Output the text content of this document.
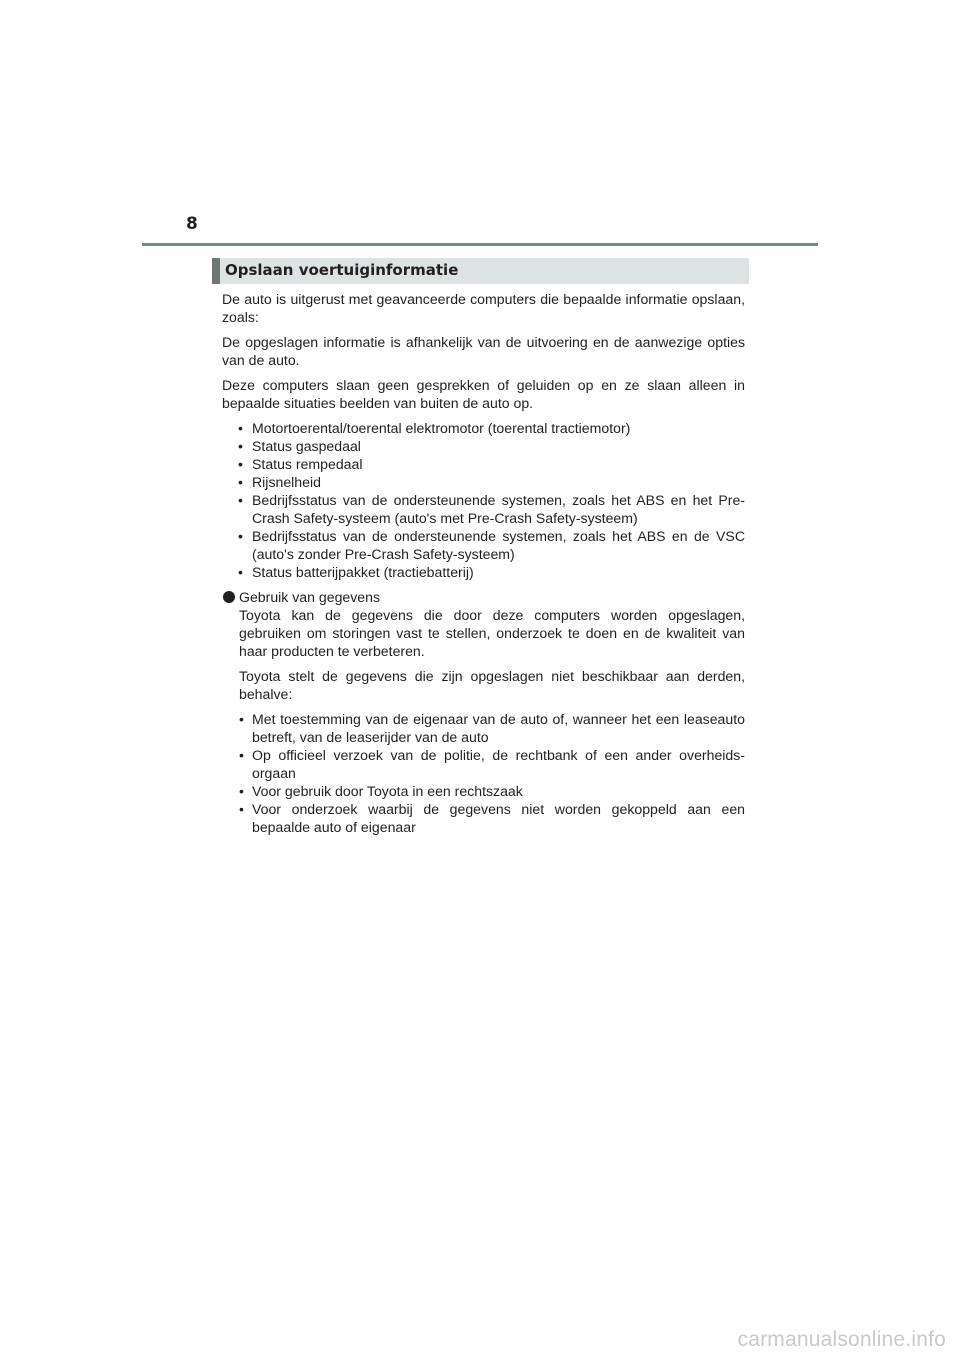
8
Opslaan voertuiginformatie

De auto is uitgerust met geavanceerde computers die bepaalde informatie opslaan, zoals:

De opgeslagen informatie is afhankelijk van de uitvoering en de aanwezige opties van de auto.

Deze computers slaan geen gesprekken of geluiden op en ze slaan alleen in bepaalde situaties beelden van buiten de auto op.

• Motortoerental/toerental elektromotor (toerental tractiemotor)
• Status gaspedaal
• Status rempedaal
• Rijsnelheid
• Bedrijfsstatus van de ondersteunende systemen, zoals het ABS en het Pre-Crash Safety-systeem (auto's met Pre-Crash Safety-systeem)
• Bedrijfsstatus van de ondersteunende systemen, zoals het ABS en de VSC (auto's zonder Pre-Crash Safety-systeem)
• Status batterijpakket (tractiebatterij)

Gebruik van gegevens

Toyota kan de gegevens die door deze computers worden opgeslagen, gebruiken om storingen vast te stellen, onderzoek te doen en de kwaliteit van haar producten te verbeteren.

Toyota stelt de gegevens die zijn opgeslagen niet beschikbaar aan derden, behalve:

• Met toestemming van de eigenaar van de auto of, wanneer het een leaseauto betreft, van de leaserijder van de auto
• Op officieel verzoek van de politie, de rechtbank of een ander overheids-orgaan
• Voor gebruik door Toyota in een rechtszaak
• Voor onderzoek waarbij de gegevens niet worden gekoppeld aan een bepaalde auto of eigenaar
carmanualsonline.info
